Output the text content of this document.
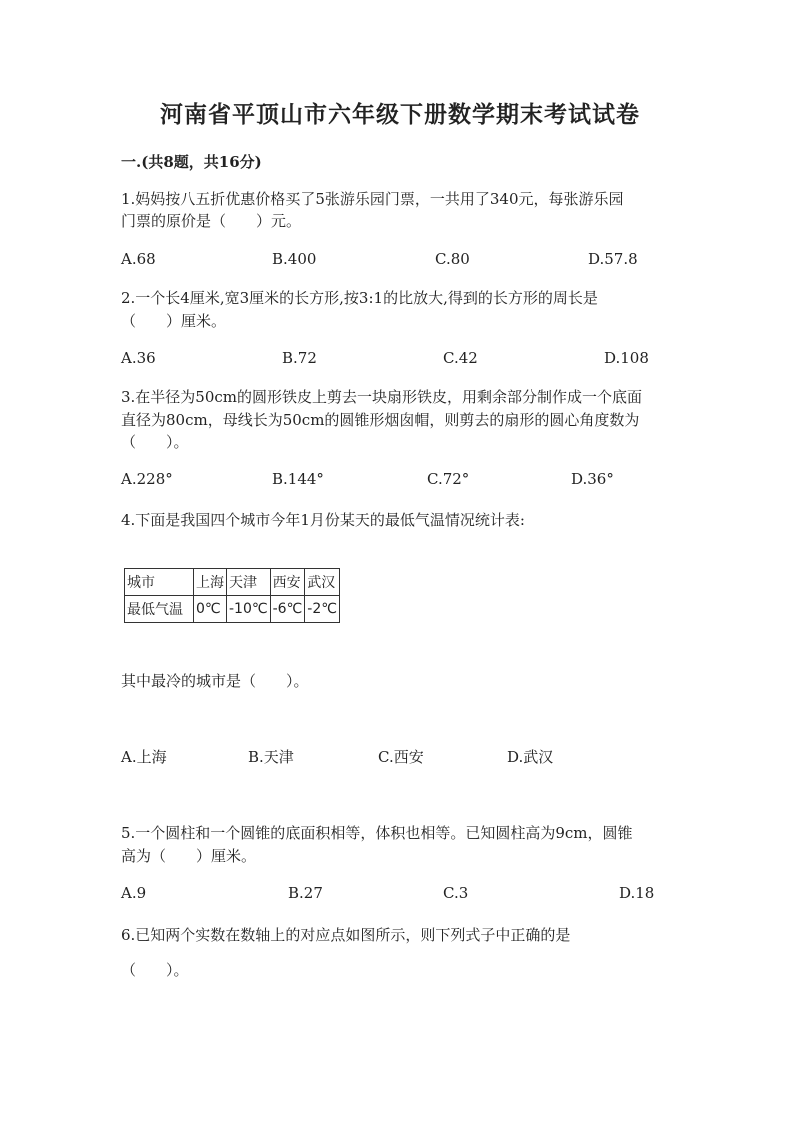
河南省平顶山市六年级下册数学期末考试试卷
一.(共8题，共16分)
1.妈妈按八五折优惠价格买了5张游乐园门票，一共用了340元，每张游乐园
门票的原价是（　　）元。
A.68	B.400	C.80	D.57.8
2.一个长4厘米,宽3厘米的长方形,按3:1的比放大,得到的长方形的周长是
（　　）厘米。
A.36	B.72	C.42	D.108
3.在半径为50cm的圆形铁皮上剪去一块扇形铁皮，用剩余部分制作成一个底面
直径为80cm，母线长为50cm的圆锥形烟囱帽，则剪去的扇形的圆心角度数为
（　　）。
A.228°	B.144°	C.72°	D.36°
4.下面是我国四个城市今年1月份某天的最低气温情况统计表:
城市	上海	天津	西安	武汉
最低气温	0℃	-10℃	-6℃	-2℃
其中最冷的城市是（　　）。
A.上海	B.天津	C.西安	D.武汉
5.一个圆柱和一个圆锥的底面积相等，体积也相等。已知圆柱高为9cm，圆锥
高为（　　）厘米。
A.9	B.27	C.3	D.18
6.已知两个实数在数轴上的对应点如图所示，则下列式子中正确的是
（　　）。
